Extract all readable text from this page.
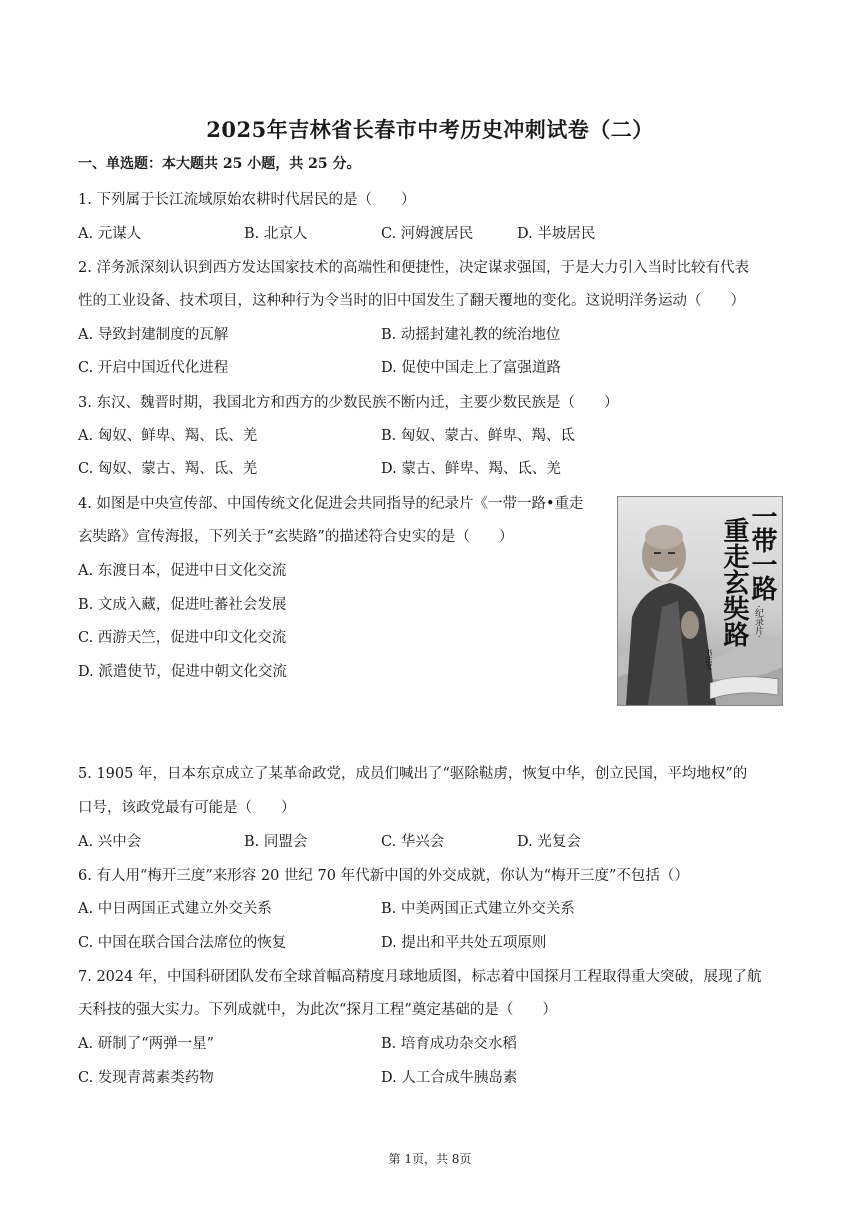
2025年吉林省长春市中考历史冲刺试卷（二）
一、单选题：本大题共 25 小题，共 25 分。
1. 下列属于长江流域原始农耕时代居民的是（　　）
A. 元谋人	B. 北京人	C. 河姆渡居民	D. 半坡居民
2. 洋务派深刻认识到西方发达国家技术的高端性和便捷性，决定谋求强国，于是大力引入当时比较有代表
性的工业设备、技术项目，这种种行为令当时的旧中国发生了翻天覆地的变化。这说明洋务运动（　　）
A. 导致封建制度的瓦解	B. 动摇封建礼教的统治地位
C. 开启中国近代化进程	D. 促使中国走上了富强道路
3. 东汉、魏晋时期，我国北方和西方的少数民族不断内迁，主要少数民族是（　　）
A. 匈奴、鲜卑、羯、氐、羌	B. 匈奴、蒙古、鲜卑、羯、氐
C. 匈奴、蒙古、羯、氐、羌	D. 蒙古、鲜卑、羯、氐、羌
4. 如图是中央宣传部、中国传统文化促进会共同指导的纪录片《一带一路•重走
玄奘路》宣传海报，下列关于“玄奘路”的描述符合史实的是（　　）
A. 东渡日本，促进中日文化交流
B. 文成入藏，促进吐蕃社会发展
C. 西游天竺，促进中印文化交流
D. 派遣使节，促进中朝文化交流
一带一路
重走玄奘路 ·纪录片·
书法家
5. 1905 年，日本东京成立了某革命政党，成员们喊出了“驱除鞑虏，恢复中华，创立民国，平均地权”的
口号，该政党最有可能是（　　）
A. 兴中会	B. 同盟会	C. 华兴会	D. 光复会
6. 有人用“梅开三度”来形容 20 世纪 70 年代新中国的外交成就，你认为“梅开三度”不包括（）
A. 中日两国正式建立外交关系	B. 中美两国正式建立外交关系
C. 中国在联合国合法席位的恢复	D. 提出和平共处五项原则
7. 2024 年，中国科研团队发布全球首幅高精度月球地质图，标志着中国探月工程取得重大突破，展现了航
天科技的强大实力。下列成就中，为此次“探月工程”奠定基础的是（　　）
A. 研制了“两弹一星”	B. 培育成功杂交水稻
C. 发现青蒿素类药物	D. 人工合成牛胰岛素
第 1页，共 8页
